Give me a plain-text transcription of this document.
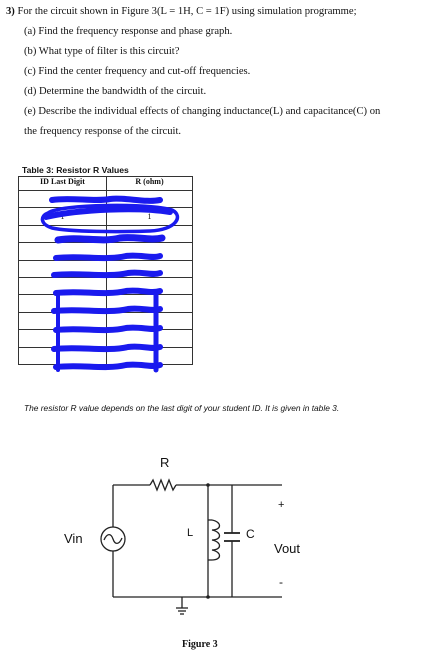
3) For the circuit shown in Figure 3(L = 1H, C = 1F) using simulation programme;
(a) Find the frequency response and phase graph.
(b) What type of filter is this circuit?
(c) Find the center frequency and cut-off frequencies.
(d) Determine the bandwidth of the circuit.
(e) Describe the individual effects of changing inductance(L) and capacitance(C) on
the frequency response of the circuit.
Table 3: Resistor R Values
ID Last Digit	R (ohm)

1	1

The resistor R value depends on the last digit of your student ID. It is given in table 3.
R
L	C
Vin
Vout
+
-
Figure 3
